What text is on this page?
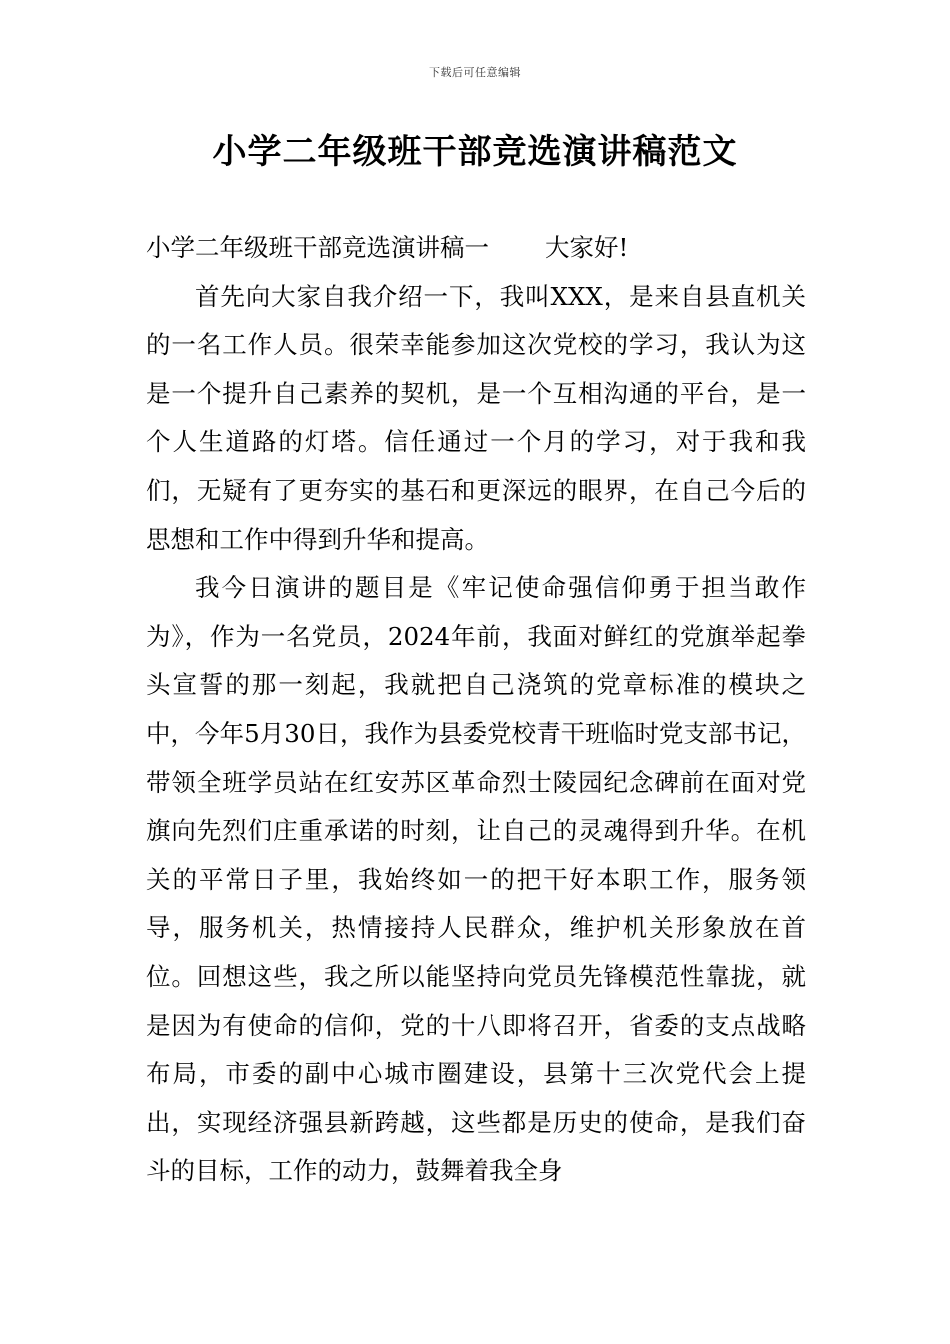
下载后可任意编辑
小学二年级班干部竞选演讲稿范文

小学二年级班干部竞选演讲稿一 大家好!

首先向大家自我介绍一下，我叫XXX，是来自县直机关的一名工作人员。很荣幸能参加这次党校的学习，我认为这是一个提升自己素养的契机，是一个互相沟通的平台，是一个人生道路的灯塔。信任通过一个月的学习，对于我和我们，无疑有了更夯实的基石和更深远的眼界，在自己今后的思想和工作中得到升华和提高。

我今日演讲的题目是《牢记使命强信仰勇于担当敢作为》，作为一名党员，2024年前，我面对鲜红的党旗举起拳头宣誓的那一刻起，我就把自己浇筑的党章标准的模块之中，今年5月30日，我作为县委党校青干班临时党支部书记，带领全班学员站在红安苏区革命烈士陵园纪念碑前在面对党旗向先烈们庄重承诺的时刻，让自己的灵魂得到升华。在机关的平常日子里，我始终如一的把干好本职工作，服务领导，服务机关，热情接持人民群众，维护机关形象放在首位。回想这些，我之所以能坚持向党员先锋模范性靠拢，就是因为有使命的信仰，党的十八即将召开，省委的支点战略布局，市委的副中心城市圈建设，县第十三次党代会上提出，实现经济强县新跨越，这些都是历史的使命，是我们奋斗的目标，工作的动力，鼓舞着我全身
